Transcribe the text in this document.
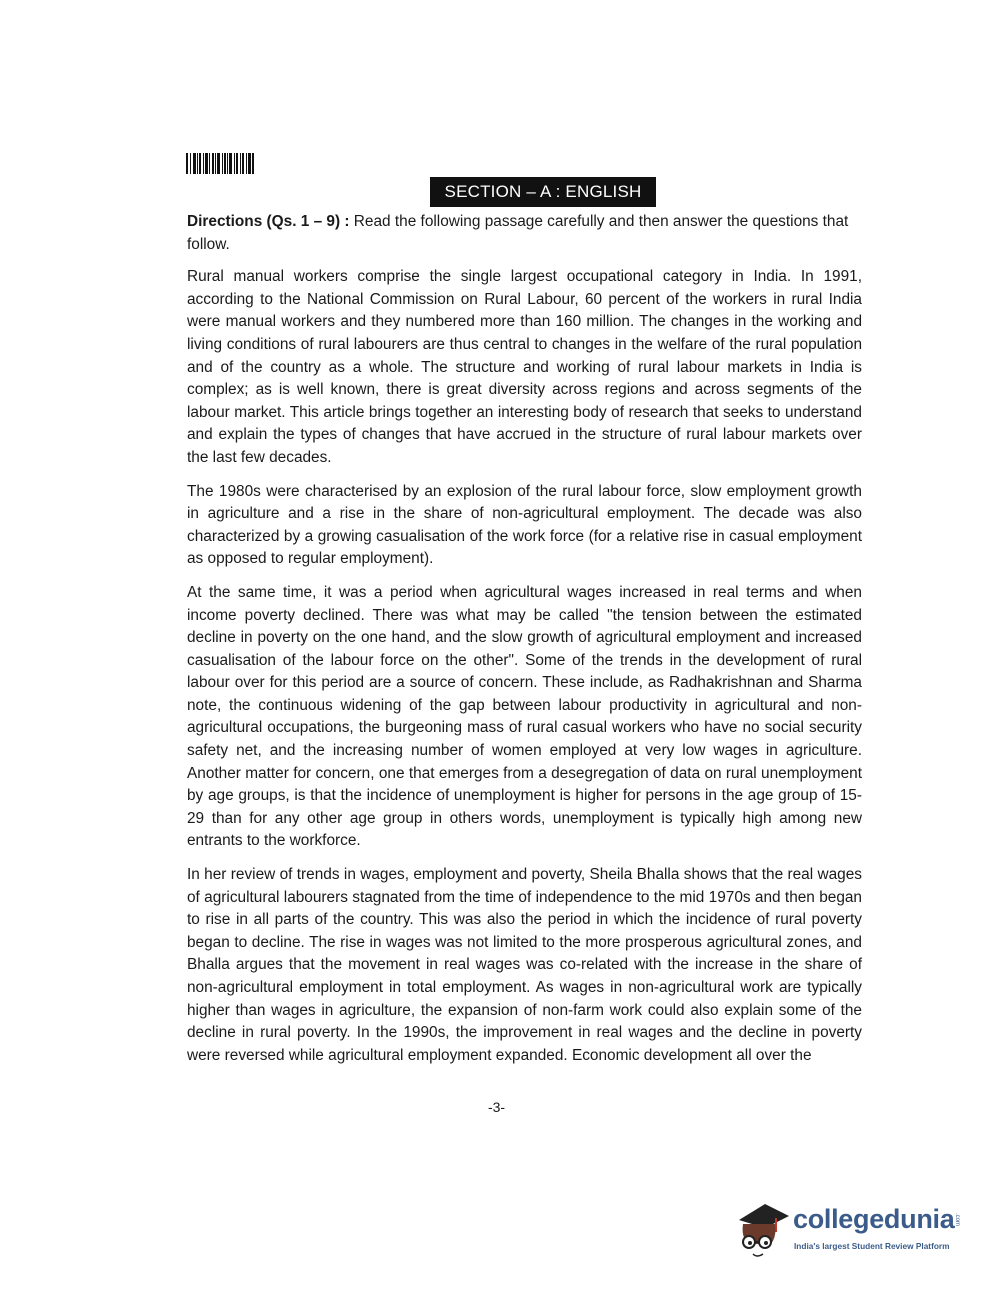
SECTION – A : ENGLISH

Directions (Qs. 1 – 9) : Read the following passage carefully and then answer the questions that follow.

Rural manual workers comprise the single largest occupational category in India. In 1991, according to the National Commission on Rural Labour, 60 percent of the workers in rural India were manual workers and they numbered more than 160 million. The changes in the working and living conditions of rural labourers are thus central to changes in the welfare of the rural population and of the country as a whole. The structure and working of rural labour markets in India is complex; as is well known, there is great diversity across regions and across segments of the labour market. This article brings together an interesting body of research that seeks to understand and explain the types of changes that have accrued in the structure of rural labour markets over the last few decades.

The 1980s were characterised by an explosion of the rural labour force, slow employment growth in agriculture and a rise in the share of non-agricultural employment. The decade was also characterized by a growing casualisation of the work force (for a relative rise in casual employment as opposed to regular employment).

At the same time, it was a period when agricultural wages increased in real terms and when income poverty declined. There was what may be called "the tension between the estimated decline in poverty on the one hand, and the slow growth of agricultural employment and increased casualisation of the labour force on the other". Some of the trends in the development of rural labour over for this period are a source of concern. These include, as Radhakrishnan and Sharma note, the continuous widening of the gap between labour productivity in agricultural and non-agricultural occupations, the burgeoning mass of rural casual workers who have no social security safety net, and the increasing number of women employed at very low wages in agriculture. Another matter for concern, one that emerges from a desegregation of data on rural unemployment by age groups, is that the incidence of unemployment is higher for persons in the age group of 15-29 than for any other age group in others words, unemployment is typically high among new entrants to the workforce.

In her review of trends in wages, employment and poverty, Sheila Bhalla shows that the real wages of agricultural labourers stagnated from the time of independence to the mid 1970s and then began to rise in all parts of the country. This was also the period in which the incidence of rural poverty began to decline. The rise in wages was not limited to the more prosperous agricultural zones, and Bhalla argues that the movement in real wages was co-related with the increase in the share of non-agricultural employment in total employment. As wages in non-agricultural work are typically higher than wages in agriculture, the expansion of non-farm work could also explain some of the decline in rural poverty. In the 1990s, the improvement in real wages and the decline in poverty were reversed while agricultural employment expanded. Economic development all over the

-3-
collegedunia .com
India's largest Student Review Platform
